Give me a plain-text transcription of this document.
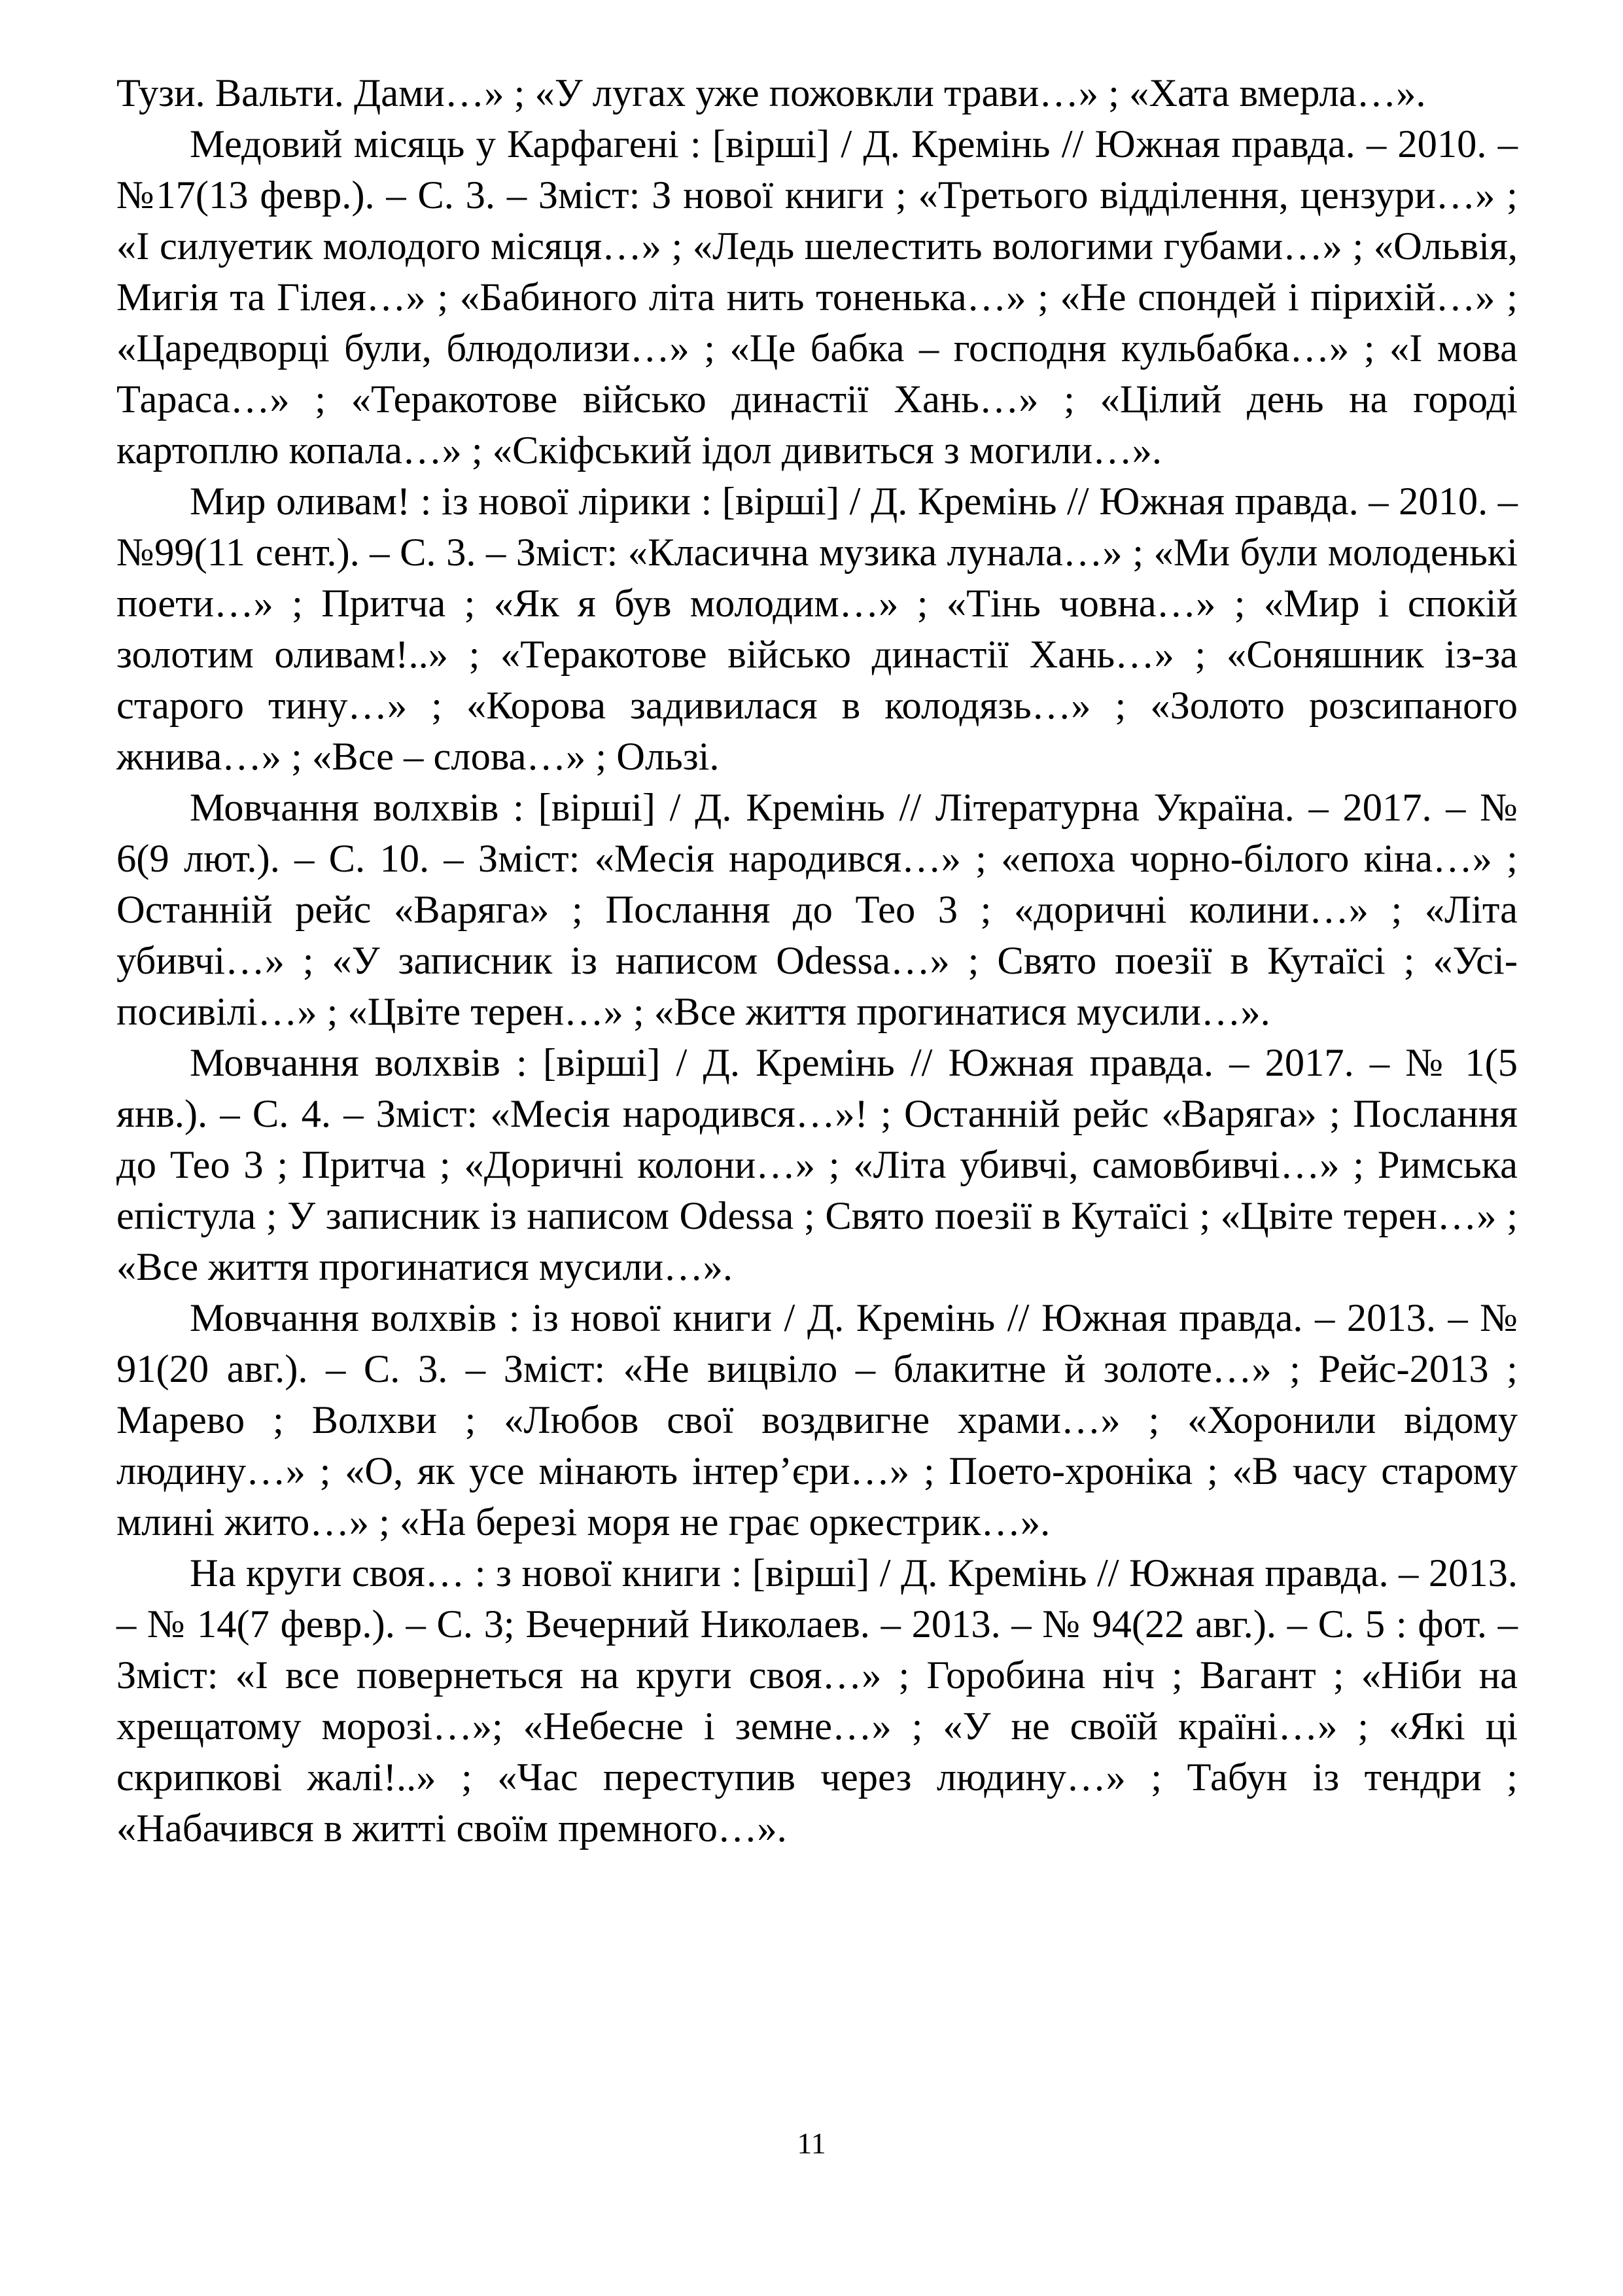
Тузи. Вальти. Дами…» ; «У лугах уже пожовкли трави…» ; «Хата вмерла…».

Медовий місяць у Карфагені : [вірші] / Д. Кремінь // Южная правда. – 2010. – №17(13 февр.). – С. 3. – Зміст: З нової книги ; «Третього відділення, цензури…» ; «І силуетик молодого місяця…» ; «Ледь шелестить вологими губами…» ; «Ольвія, Мигія та Гілея…» ; «Бабиного літа нить тоненька…» ; «Не спондей і пірихій…» ; «Царедворці були, блюдолизи…» ; «Це бабка – господня кульбабка…» ; «І мова Тараса…» ; «Теракотове військо династії Хань…» ; «Цілий день на городі картоплю копала…» ; «Скіфський ідол дивиться з могили…».

Мир оливам! : із нової лірики : [вірші] / Д. Кремінь // Южная правда. – 2010. – №99(11 сент.). – С. 3. – Зміст: «Класична музика лунала…» ; «Ми були молоденькі поети…» ; Притча ; «Як я був молодим…» ; «Тінь човна…» ; «Мир і спокій золотим оливам!..» ; «Теракотове військо династії Хань…» ; «Соняшник із-за старого тину…» ; «Корова задивилася в колодязь…» ; «Золото розсипаного жнива…» ; «Все – слова…» ; Ользі.

Мовчання волхвів : [вірші] / Д. Кремінь // Літературна Україна. – 2017. – № 6(9 лют.). – С. 10. – Зміст: «Месія народився…» ; «епоха чорно-білого кіна…» ; Останній рейс «Варяга» ; Послання до Тео 3 ; «доричні колини…» ; «Літа убивчі…» ; «У записник із написом Odessa…» ; Свято поезії в Кутаїсі ; «Усі-посивілі…» ; «Цвіте терен…» ; «Все життя прогинатися мусили…».

Мовчання волхвів : [вірші] / Д. Кремінь // Южная правда. – 2017. – № 1(5 янв.). – С. 4. – Зміст: «Месія народився…»! ; Останній рейс «Варяга» ; Послання до Тео 3 ; Притча ; «Доричні колони…» ; «Літа убивчі, самовбивчі…» ; Римська епістула ; У записник із написом Odessa ; Свято поезії в Кутаїсі ; «Цвіте терен…» ; «Все життя прогинатися мусили…».

Мовчання волхвів : із нової книги / Д. Кремінь // Южная правда. – 2013. – № 91(20 авг.). – С. 3. – Зміст: «Не вицвіло – блакитне й золоте…» ; Рейс-2013 ; Марево ; Волхви ; «Любов свої воздвигне храми…» ; «Хоронили відому людину…» ; «О, як усе мінають інтер’єри…» ; Поето-хроніка ; «В часу старому млині жито…» ; «На березі моря не грає оркестрик…».

На круги своя… : з нової книги : [вірші] / Д. Кремінь // Южная правда. – 2013. – № 14(7 февр.). – С. 3; Вечерний Николаев. – 2013. – № 94(22 авг.). – С. 5 : фот. – Зміст: «І все повернеться на круги своя…» ; Горобина ніч ; Вагант ; «Ніби на хрещатому морозі…»; «Небесне і земне…» ; «У не своїй країні…» ; «Які ці скрипкові жалі!..» ; «Час переступив через людину…» ; Табун із тендри ; «Набачився в житті своїм премного…».

11
